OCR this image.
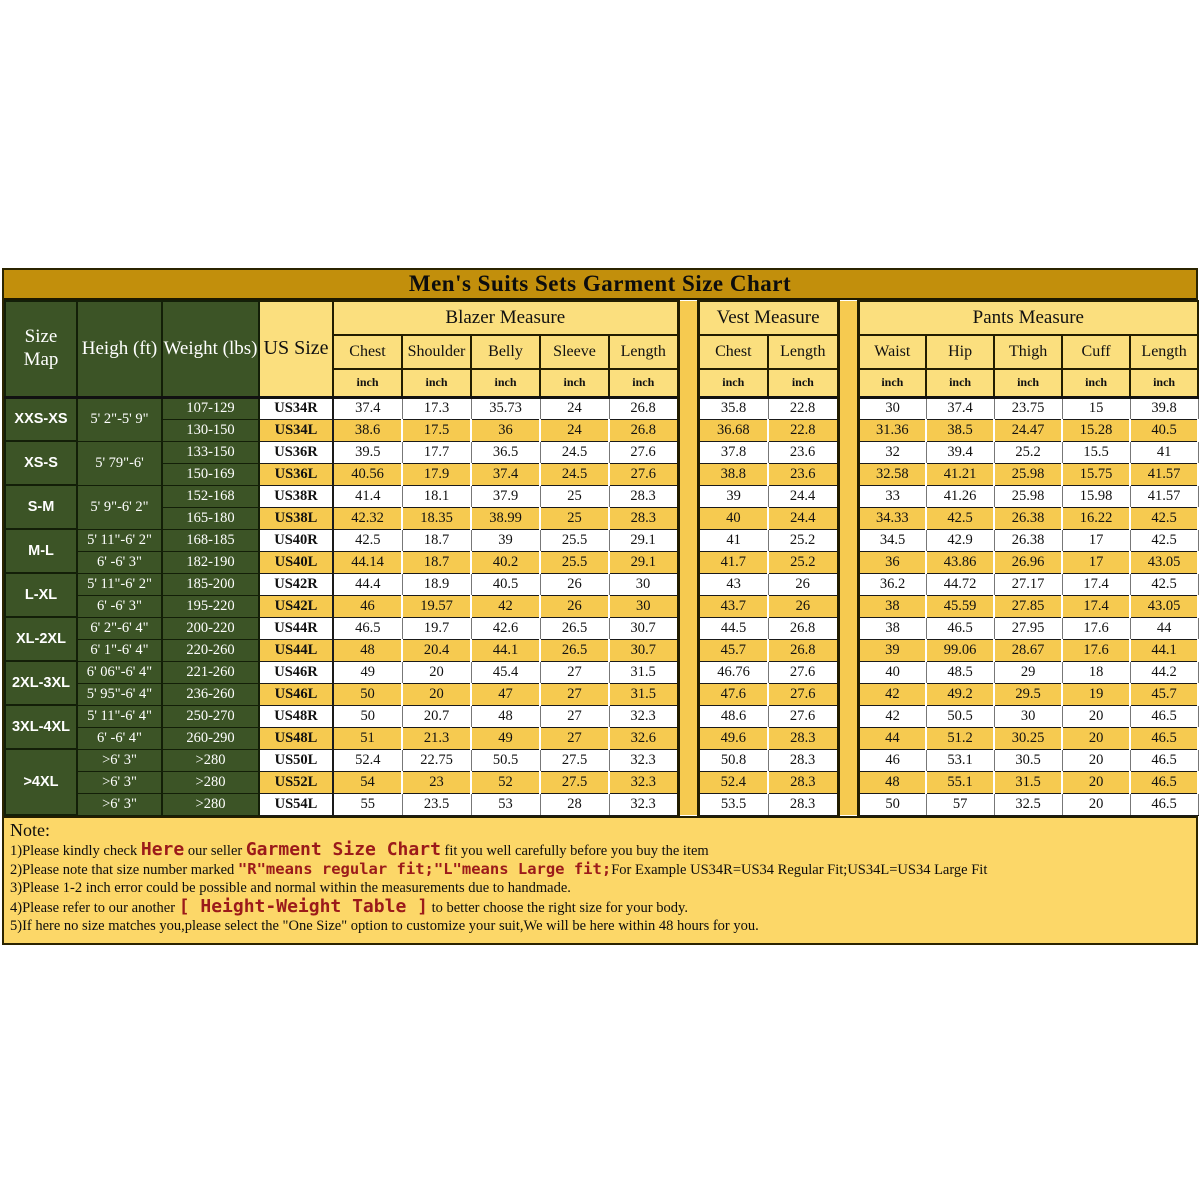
Men's Suits Sets Garment Size Chart
Size Map	Heigh (ft)	Weight (lbs)	US Size	Blazer Measure						Vest Measure			Pants Measure				
				Chest	Shoulder	Belly	Sleeve	Length		Chest	Length		Waist	Hip	Thigh	Cuff	Length
				inch	inch	inch	inch	inch		inch	inch		inch	inch	inch	inch	inch
XXS-XS	5' 2"-5' 9"	107-129	US34R	37.4	17.3	35.73	24	26.8		35.8	22.8		30	37.4	23.75	15	39.8
		130-150	US34L	38.6	17.5	36	24	26.8		36.68	22.8		31.36	38.5	24.47	15.28	40.5
XS-S	5' 79"-6'	133-150	US36R	39.5	17.7	36.5	24.5	27.6		37.8	23.6		32	39.4	25.2	15.5	41
		150-169	US36L	40.56	17.9	37.4	24.5	27.6		38.8	23.6		32.58	41.21	25.98	15.75	41.57
S-M	5' 9"-6' 2"	152-168	US38R	41.4	18.1	37.9	25	28.3		39	24.4		33	41.26	25.98	15.98	41.57
		165-180	US38L	42.32	18.35	38.99	25	28.3		40	24.4		34.33	42.5	26.38	16.22	42.5
M-L	5' 11"-6' 2"	168-185	US40R	42.5	18.7	39	25.5	29.1		41	25.2		34.5	42.9	26.38	17	42.5
	6' -6' 3"	182-190	US40L	44.14	18.7	40.2	25.5	29.1		41.7	25.2		36	43.86	26.96	17	43.05
L-XL	5' 11"-6' 2"	185-200	US42R	44.4	18.9	40.5	26	30		43	26		36.2	44.72	27.17	17.4	42.5
	6' -6' 3"	195-220	US42L	46	19.57	42	26	30		43.7	26		38	45.59	27.85	17.4	43.05
XL-2XL	6' 2"-6' 4"	200-220	US44R	46.5	19.7	42.6	26.5	30.7		44.5	26.8		38	46.5	27.95	17.6	44
	6' 1"-6' 4"	220-260	US44L	48	20.4	44.1	26.5	30.7		45.7	26.8		39	99.06	28.67	17.6	44.1
2XL-3XL	6' 06"-6' 4"	221-260	US46R	49	20	45.4	27	31.5		46.76	27.6		40	48.5	29	18	44.2
	5' 95"-6' 4"	236-260	US46L	50	20	47	27	31.5		47.6	27.6		42	49.2	29.5	19	45.7
3XL-4XL	5' 11"-6' 4"	250-270	US48R	50	20.7	48	27	32.3		48.6	27.6		42	50.5	30	20	46.5
	6' -6' 4"	260-290	US48L	51	21.3	49	27	32.6		49.6	28.3		44	51.2	30.25	20	46.5
>4XL	>6' 3"	>280	US50L	52.4	22.75	50.5	27.5	32.3		50.8	28.3		46	53.1	30.5	20	46.5
	>6' 3"	>280	US52L	54	23	52	27.5	32.3		52.4	28.3		48	55.1	31.5	20	46.5
	>6' 3"	>280	US54L	55	23.5	53	28	32.3		53.5	28.3		50	57	32.5	20	46.5
Note:
1)Please kindly check Here our seller Garment Size Chart fit you well carefully before you buy the item
2)Please note that size number marked "R"means regular fit;"L"means Large fit;For Example US34R=US34 Regular Fit;US34L=US34 Large Fit
3)Please 1-2 inch error could be possible and normal within the measurements due to handmade.
4)Please refer to our another [ Height-Weight Table ] to better choose the right size for your body.
5)If here no size matches you,please select the "One Size" option to customize your suit,We will be here within 48 hours for you.
